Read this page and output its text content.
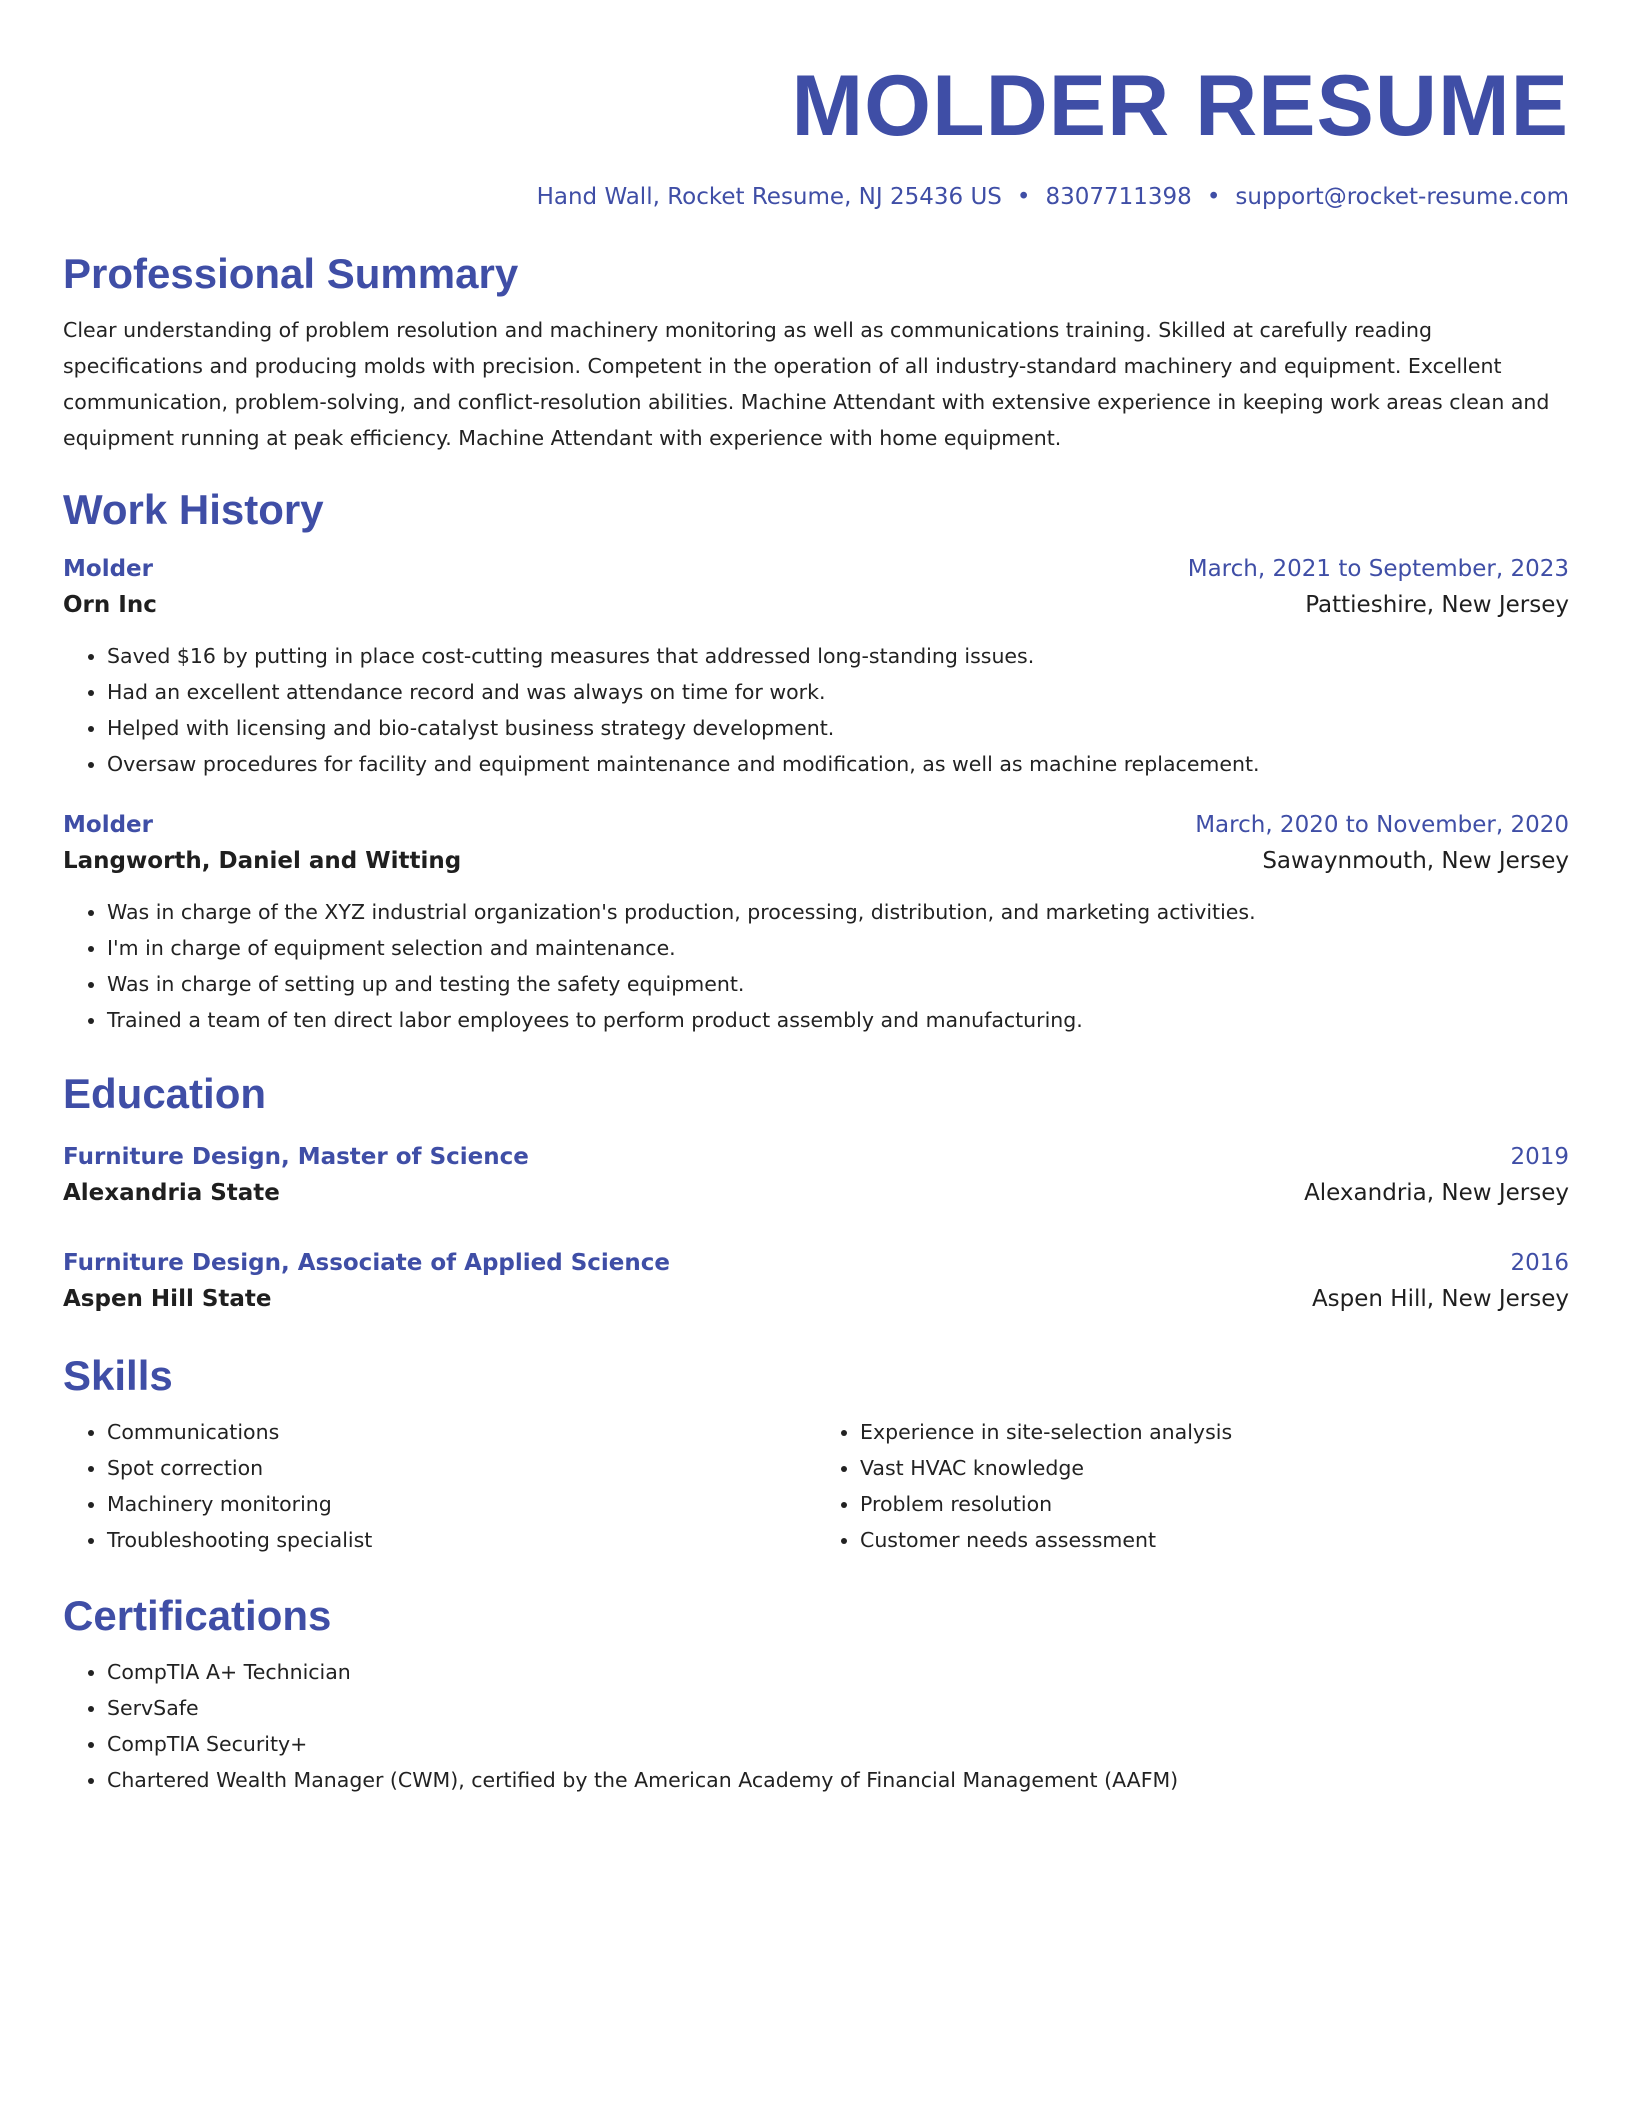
MOLDER RESUME
Hand Wall, Rocket Resume, NJ 25436 US • 8307711398 • support@rocket-resume.com
Professional Summary
Clear understanding of problem resolution and machinery monitoring as well as communications training. Skilled at carefully reading specifications and producing molds with precision. Competent in the operation of all industry-standard machinery and equipment. Excellent communication, problem-solving, and conflict-resolution abilities. Machine Attendant with extensive experience in keeping work areas clean and equipment running at peak efficiency. Machine Attendant with experience with home equipment.
Work History
Molder	March, 2021 to September, 2023
Orn Inc	Pattieshire, New Jersey
• Saved $16 by putting in place cost-cutting measures that addressed long-standing issues.
• Had an excellent attendance record and was always on time for work.
• Helped with licensing and bio-catalyst business strategy development.
• Oversaw procedures for facility and equipment maintenance and modification, as well as machine replacement.
Molder	March, 2020 to November, 2020
Langworth, Daniel and Witting	Sawaynmouth, New Jersey
• Was in charge of the XYZ industrial organization's production, processing, distribution, and marketing activities.
• I'm in charge of equipment selection and maintenance.
• Was in charge of setting up and testing the safety equipment.
• Trained a team of ten direct labor employees to perform product assembly and manufacturing.
Education
Furniture Design, Master of Science	2019
Alexandria State	Alexandria, New Jersey
Furniture Design, Associate of Applied Science	2016
Aspen Hill State	Aspen Hill, New Jersey
Skills
• Communications
• Spot correction
• Machinery monitoring
• Troubleshooting specialist
• Experience in site-selection analysis
• Vast HVAC knowledge
• Problem resolution
• Customer needs assessment
Certifications
• CompTIA A+ Technician
• ServSafe
• CompTIA Security+
• Chartered Wealth Manager (CWM), certified by the American Academy of Financial Management (AAFM)
